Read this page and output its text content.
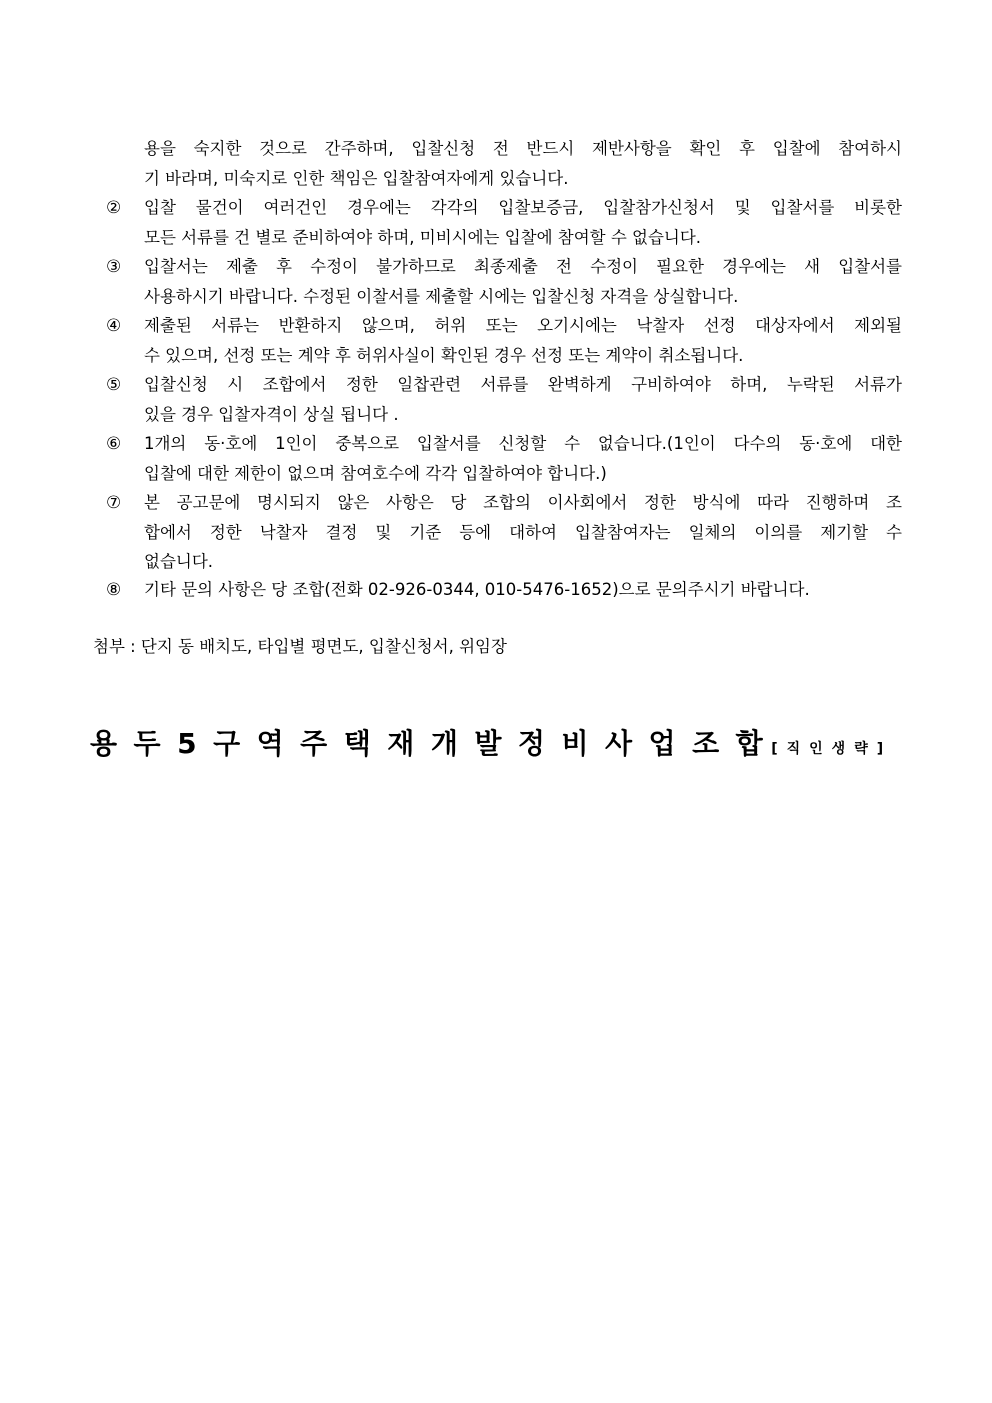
용을 숙지한 것으로 간주하며, 입찰신청 전 반드시 제반사항을 확인 후 입찰에 참여하시
기 바라며, 미숙지로 인한 책임은 입찰참여자에게 있습니다.
② 입찰 물건이 여러건인 경우에는 각각의 입찰보증금, 입찰참가신청서 및 입찰서를 비롯한
모든 서류를 건 별로 준비하여야 하며, 미비시에는 입찰에 참여할 수 없습니다.
③ 입찰서는 제출 후 수정이 불가하므로 최종제출 전 수정이 필요한 경우에는 새 입찰서를
사용하시기 바랍니다. 수정된 이찰서를 제출할 시에는 입찰신청 자격을 상실합니다.
④ 제출된 서류는 반환하지 않으며, 허위 또는 오기시에는 낙찰자 선정 대상자에서 제외될
수 있으며, 선정 또는 계약 후 허위사실이 확인된 경우 선정 또는 계약이 취소됩니다.
⑤ 입찰신청 시 조합에서 정한 일찹관련 서류를 완벽하게 구비하여야 하며, 누락된 서류가
있을 경우 입찰자격이 상실 됩니다 .
⑥ 1개의 동·호에 1인이 중복으로 입찰서를 신청할 수 없습니다.(1인이 다수의 동·호에 대한
입찰에 대한 제한이 없으며 참여호수에 각각 입찰하여야 합니다.)
⑦ 본 공고문에 명시되지 않은 사항은 당 조합의 이사회에서 정한 방식에 따라 진행하며 조
합에서 정한 낙찰자 결정 및 기준 등에 대하여 입찰참여자는 일체의 이의를 제기할 수
없습니다.
⑧ 기타 문의 사항은 당 조합(전화 02-926-0344, 010-5476-1652)으로 문의주시기 바랍니다.
첨부 : 단지 동 배치도, 타입별 평면도, 입찰신청서, 위임장
용두5구역주택재개발정비사업조합[직인생략]
